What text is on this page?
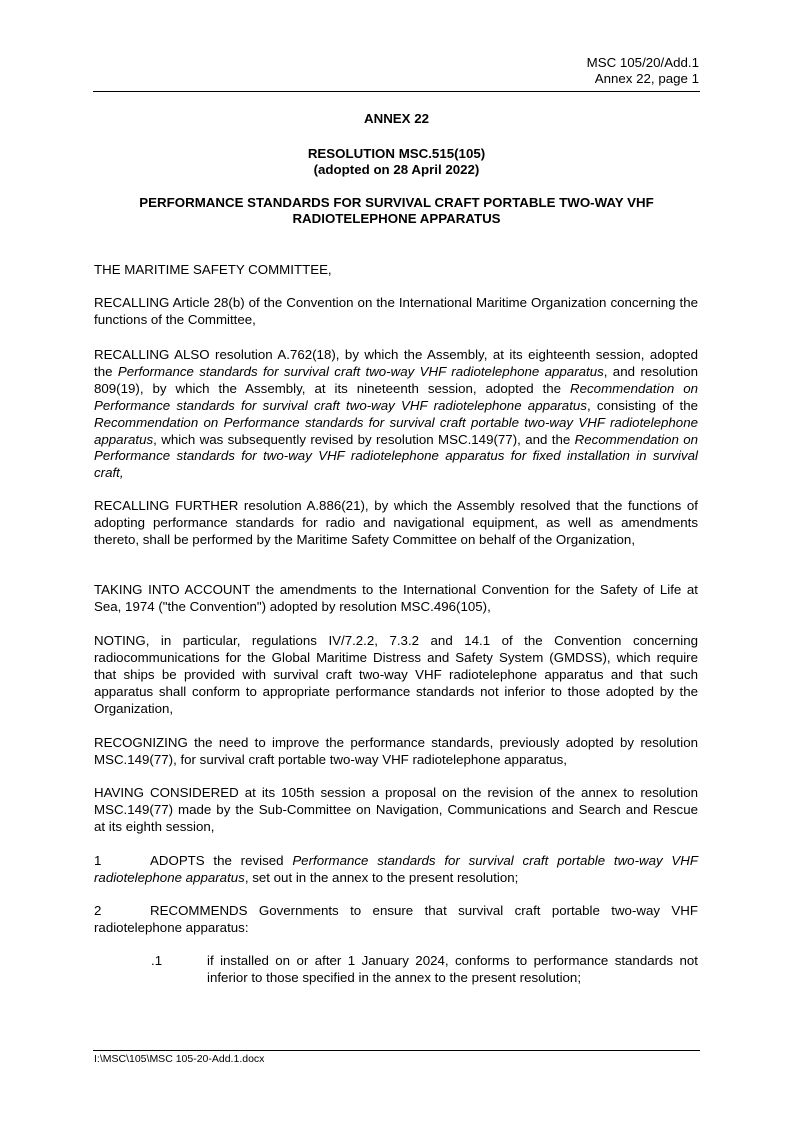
MSC 105/20/Add.1
Annex 22, page 1
ANNEX 22
RESOLUTION MSC.515(105)
(adopted on 28 April 2022)
PERFORMANCE STANDARDS FOR SURVIVAL CRAFT PORTABLE TWO-WAY VHF
RADIOTELEPHONE APPARATUS
THE MARITIME SAFETY COMMITTEE,
RECALLING Article 28(b) of the Convention on the International Maritime Organization concerning the functions of the Committee,
RECALLING ALSO resolution A.762(18), by which the Assembly, at its eighteenth session, adopted the Performance standards for survival craft two-way VHF radiotelephone apparatus, and resolution 809(19), by which the Assembly, at its nineteenth session, adopted the Recommendation on Performance standards for survival craft two-way VHF radiotelephone apparatus, consisting of the Recommendation on Performance standards for survival craft portable two-way VHF radiotelephone apparatus, which was subsequently revised by resolution MSC.149(77), and the Recommendation on Performance standards for two-way VHF radiotelephone apparatus for fixed installation in survival craft,
RECALLING FURTHER resolution A.886(21), by which the Assembly resolved that the functions of adopting performance standards for radio and navigational equipment, as well as amendments thereto, shall be performed by the Maritime Safety Committee on behalf of the Organization,
TAKING INTO ACCOUNT the amendments to the International Convention for the Safety of Life at Sea, 1974 ("the Convention") adopted by resolution MSC.496(105),
NOTING, in particular, regulations IV/7.2.2, 7.3.2 and 14.1 of the Convention concerning radiocommunications for the Global Maritime Distress and Safety System (GMDSS), which require that ships be provided with survival craft two-way VHF radiotelephone apparatus and that such apparatus shall conform to appropriate performance standards not inferior to those adopted by the Organization,
RECOGNIZING the need to improve the performance standards, previously adopted by resolution MSC.149(77), for survival craft portable two-way VHF radiotelephone apparatus,
HAVING CONSIDERED at its 105th session a proposal on the revision of the annex to resolution MSC.149(77) made by the Sub-Committee on Navigation, Communications and Search and Rescue at its eighth session,
1	ADOPTS the revised Performance standards for survival craft portable two-way VHF radiotelephone apparatus, set out in the annex to the present resolution;
2	RECOMMENDS Governments to ensure that survival craft portable two-way VHF radiotelephone apparatus:
.1	if installed on or after 1 January 2024, conforms to performance standards not inferior to those specified in the annex to the present resolution;
I:\MSC\105\MSC 105-20-Add.1.docx
